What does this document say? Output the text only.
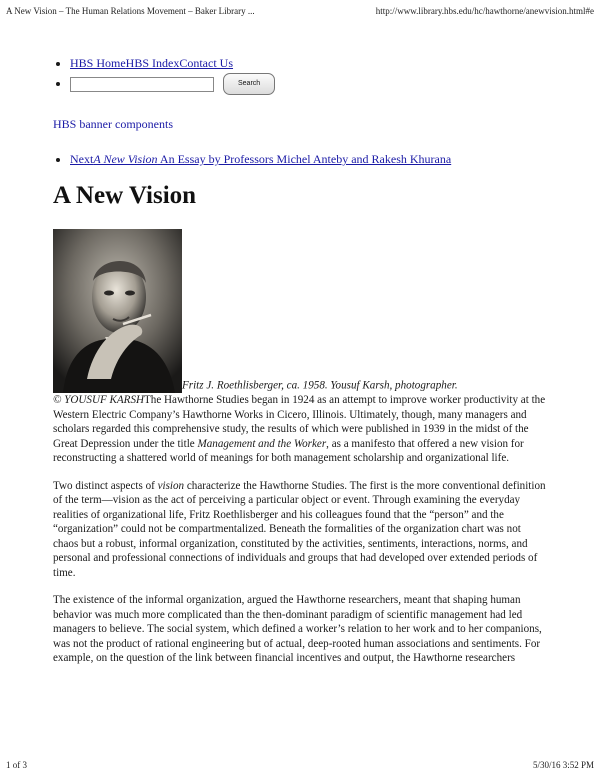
A New Vision – The Human Relations Movement – Baker Library ...	http://www.library.hbs.edu/hc/hawthorne/anewvision.html#e
• HBS HomeHBS IndexContact Us
• Search
HBS banner components
• NextA New Vision An Essay by Professors Michel Anteby and Rakesh Khurana
A New Vision

Fritz J. Roethlisberger, ca. 1958. Yousuf Karsh, photographer.
© YOUSUF KARSHThe Hawthorne Studies began in 1924 as an attempt to improve worker productivity at the Western Electric Company’s Hawthorne Works in Cicero, Illinois. Ultimately, though, many managers and scholars regarded this comprehensive study, the results of which were published in 1939 in the midst of the Great Depression under the title Management and the Worker, as a manifesto that offered a new vision for reconstructing a shattered world of meanings for both management scholarship and organizational life.

Two distinct aspects of vision characterize the Hawthorne Studies. The first is the more conventional definition of the term—vision as the act of perceiving a particular object or event. Through examining the everyday realities of organizational life, Fritz Roethlisberger and his colleagues found that the “person” and the “organization” could not be compartmentalized. Beneath the formalities of the organization chart was not chaos but a robust, informal organization, constituted by the activities, sentiments, interactions, norms, and personal and professional connections of individuals and groups that had developed over extended periods of time.

The existence of the informal organization, argued the Hawthorne researchers, meant that shaping human behavior was much more complicated than the then-dominant paradigm of scientific management had led managers to believe. The social system, which defined a worker’s relation to her work and to her companions, was not the product of rational engineering but of actual, deep-rooted human associations and sentiments. For example, on the question of the link between financial incentives and output, the Hawthorne researchers

1 of 3	5/30/16 3:52 PM
